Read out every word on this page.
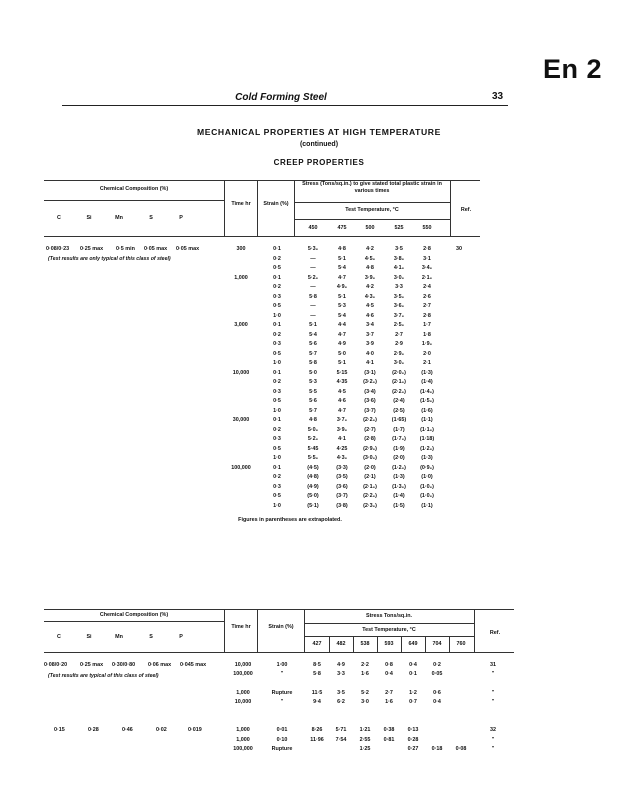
En 2
Cold Forming Steel	33
MECHANICAL PROPERTIES AT HIGH TEMPERATURE
(continued)
CREEP PROPERTIES
Chemical Composition (%)
Stress (Tons/sq.in.) to give stated total plastic strain in various times
Time hr	Strain (%)
Test Temperature, °C	Ref.
C	Si	Mn	S	P
450	475	500	525	550
(Test results are only typical of this class of steel)
30
300	0·1	5·3₆	4·8	4·2	3·5	2·8
0·2	—	5·1	4·5₆	3·8₆	3·1
0·5	—	5·4	4·8	4·1₆	3·4₆
1,000	0·1	5·2₆	4·7	3·9₆	3·0₆	2·1₆
0·2	—	4·9₆	4·2	3·3	2·4
0·3	5·8	5·1	4·3₆	3·5₆	2·6
0·5	—	5·3	4·5	3·6₆	2·7
1·0	—	5·4	4·6	3·7₆	2·8
3,000	0·1	5·1	4·4	3·4	2·5₆	1·7
0·2	5·4	4·7	3·7	2·7	1·8
0·3	5·6	4·9	3·9	2·9	1·9₆
0·5	5·7	5·0	4·0	2·9₆	2·0
1·0	5·8	5·1	4·1	3·0₆	2·1
10,000	0·1	5·0	5·15	(3·1)	(2·0₆)	(1·3)
0·2	5·3	4·35	(3·2₆)	(2·1₆)	(1·4)
0·3	5·5	4·5	(3·4)	(2·2₆)	(1·4₆)
0·5	5·6	4·6	(3·6)	(2·4)	(1·5₆)
1·0	5·7	4·7	(3·7)	(2·5)	(1·6)
30,000	0·1	4·8	3·7₆	(2·2₆)	(1·65)	(1·1)
0·2	5·0₆	3·9₆	(2·7)	(1·7)	(1·1₆)
0·3	5·2₆	4·1	(2·8)	(1·7₆)	(1·18)
0·5	5·45	4·25	(2·9₆)	(1·9)	(1·2₆)
1·0	5·5₆	4·3₆	(3·0₆)	(2·0)	(1·3)
100,000	0·1	(4·5)	(3·3)	(2·0)	(1·2₆)	(0·9₆)
0·2	(4·8)	(3·5)	(2·1)	(1·3)	(1·0)
0·3	(4·9)	(3·6)	(2·1₆)	(1·3₆)	(1·0₆)
0·5	(5·0)	(3·7)	(2·2₆)	(1·4)	(1·0₆)
1·0	(5·1)	(3·8)	(2·3₆)	(1·5)	(1·1)
Figures in parentheses are extrapolated.
0·08/0·23 0·25 max 0·5 min 0·05 max 0·05 max
Chemical Composition (%)	Stress Tons/sq.in.
Time hr	Strain (%)	Test Temperature, °C	Ref.
C	Si	Mn	S	P
427	482	538	593	649	704	760
(Test results are typical of this class of steel)
10,000	1·00	8·5	4·9	2·2	0·8	0·4	0·2	31
100,000	"	5·8	3·3	1·6	0·4	0·1	0·05	"
1,000	Rupture	11·5	3·5	5·2	2·7	1·2	0·6	"
10,000	"	9·4	6·2	3·0	1·6	0·7	0·4	"
1,000	0·01	8·26	5·71	1·21	0·38	0·13	32
1,000	0·10	11·96	7·54	2·55	0·81	0·28	"
100,000	Rupture	1·25	0·27	0·18	0·08	"
0·08/0·20 0·25 max 0·30/0·80 0·06 max 0·045 max
0·15	0·28	0·46	0·02	0·019
